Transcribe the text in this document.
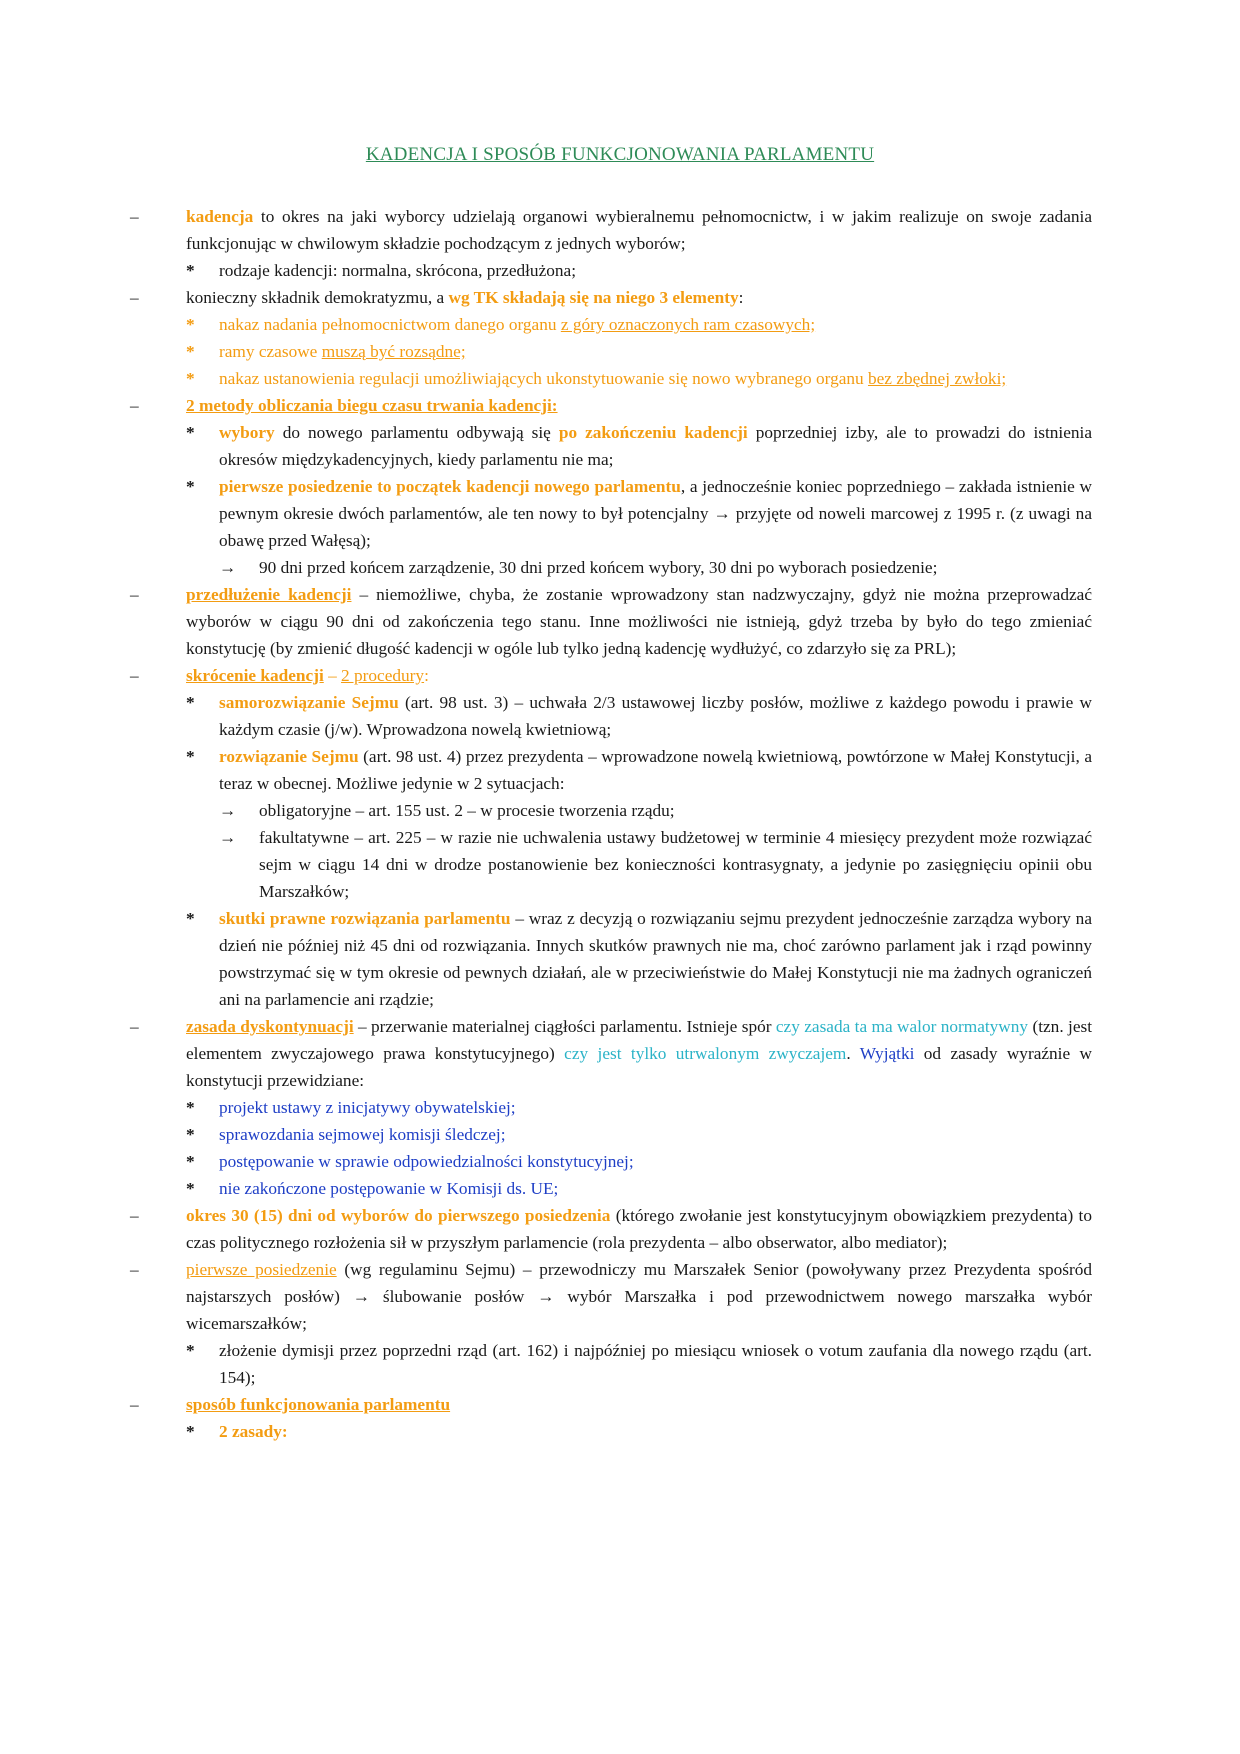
KADENCJA I SPOSÓB FUNKCJONOWANIA PARLAMENTU
–	kadencja to okres na jaki wyborcy udzielają organowi wybieralnemu pełnomocnictw, i w jakim realizuje on swoje zadania funkcjonując w chwilowym składzie pochodzącym z jednych wyborów;
* rodzaje kadencji: normalna, skrócona, przedłużona;
–	konieczny składnik demokratyzmu, a wg TK składają się na niego 3 elementy:
* nakaz nadania pełnomocnictwom danego organu z góry oznaczonych ram czasowych;
* ramy czasowe muszą być rozsądne;
* nakaz ustanowienia regulacji umożliwiających ukonstytuowanie się nowo wybranego organu bez zbędnej zwłoki;
–	2 metody obliczania biegu czasu trwania kadencji:
* wybory do nowego parlamentu odbywają się po zakończeniu kadencji poprzedniej izby, ale to prowadzi do istnienia okresów międzykadencyjnych, kiedy parlamentu nie ma;
* pierwsze posiedzenie to początek kadencji nowego parlamentu, a jednocześnie koniec poprzedniego – zakłada istnienie w pewnym okresie dwóch parlamentów, ale ten nowy to był potencjalny → przyjęte od noweli marcowej z 1995 r. (z uwagi na obawę przed Wałęsą);
→ 90 dni przed końcem zarządzenie, 30 dni przed końcem wybory, 30 dni po wyborach posiedzenie;
–	przedłużenie kadencji – niemożliwe, chyba, że zostanie wprowadzony stan nadzwyczajny, gdyż nie można przeprowadzać wyborów w ciągu 90 dni od zakończenia tego stanu. Inne możliwości nie istnieją, gdyż trzeba by było do tego zmieniać konstytucję (by zmienić długość kadencji w ogóle lub tylko jedną kadencję wydłużyć, co zdarzyło się za PRL);
–	skrócenie kadencji – 2 procedury:
* samorozwiązanie Sejmu (art. 98 ust. 3) – uchwała 2/3 ustawowej liczby posłów, możliwe z każdego powodu i prawie w każdym czasie (j/w). Wprowadzona nowelą kwietniową;
* rozwiązanie Sejmu (art. 98 ust. 4) przez prezydenta – wprowadzone nowelą kwietniową, powtórzone w Małej Konstytucji, a teraz w obecnej. Możliwe jedynie w 2 sytuacjach:
→ obligatoryjne – art. 155 ust. 2 – w procesie tworzenia rządu;
→ fakultatywne – art. 225 – w razie nie uchwalenia ustawy budżetowej w terminie 4 miesięcy prezydent może rozwiązać sejm w ciągu 14 dni w drodze postanowienie bez konieczności kontrasygnaty, a jedynie po zasięgnięciu opinii obu Marszałków;
* skutki prawne rozwiązania parlamentu – wraz z decyzją o rozwiązaniu sejmu prezydent jednocześnie zarządza wybory na dzień nie później niż 45 dni od rozwiązania. Innych skutków prawnych nie ma, choć zarówno parlament jak i rząd powinny powstrzymać się w tym okresie od pewnych działań, ale w przeciwieństwie do Małej Konstytucji nie ma żadnych ograniczeń ani na parlamencie ani rządzie;
–	zasada dyskontynuacji – przerwanie materialnej ciągłości parlamentu. Istnieje spór czy zasada ta ma walor normatywny (tzn. jest elementem zwyczajowego prawa konstytucyjnego) czy jest tylko utrwalonym zwyczajem. Wyjątki od zasady wyraźnie w konstytucji przewidziane:
* projekt ustawy z inicjatywy obywatelskiej;
* sprawozdania sejmowej komisji śledczej;
* postępowanie w sprawie odpowiedzialności konstytucyjnej;
* nie zakończone postępowanie w Komisji ds. UE;
–	okres 30 (15) dni od wyborów do pierwszego posiedzenia (którego zwołanie jest konstytucyjnym obowiązkiem prezydenta) to czas politycznego rozłożenia sił w przyszłym parlamencie (rola prezydenta – albo obserwator, albo mediator);
–	pierwsze posiedzenie (wg regulaminu Sejmu) – przewodniczy mu Marszałek Senior (powoływany przez Prezydenta spośród najstarszych posłów) → ślubowanie posłów → wybór Marszałka i pod przewodnictwem nowego marszałka wybór wicemarszałków;
* złożenie dymisji przez poprzedni rząd (art. 162) i najpóźniej po miesiącu wniosek o votum zaufania dla nowego rządu (art. 154);
–	sposób funkcjonowania parlamentu
* 2 zasady:
